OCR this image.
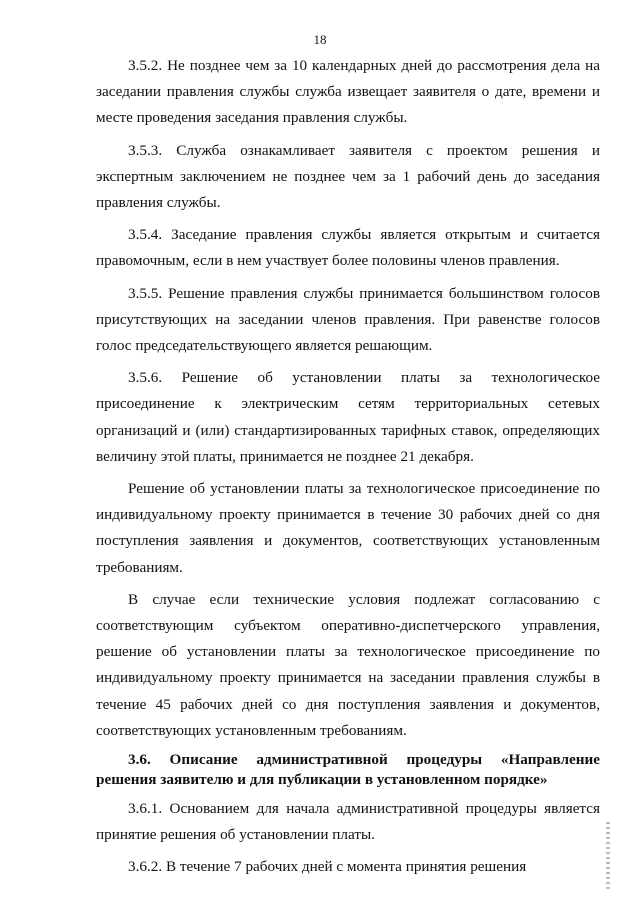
18

3.5.2. Не позднее чем за 10 календарных дней до рассмотрения дела на заседании правления службы служба извещает заявителя о дате, времени и месте проведения заседания правления службы.

3.5.3. Служба ознакамливает заявителя с проектом решения и экспертным заключением не позднее чем за 1 рабочий день до заседания правления службы.

3.5.4. Заседание правления службы является открытым и считается правомочным, если в нем участвует более половины членов правления.

3.5.5. Решение правления службы принимается большинством голосов присутствующих на заседании членов правления. При равенстве голосов голос председательствующего является решающим.

3.5.6. Решение об установлении платы за технологическое присоединение к электрическим сетям территориальных сетевых организаций и (или) стандартизированных тарифных ставок, определяющих величину этой платы, принимается не позднее 21 декабря.

Решение об установлении платы за технологическое присоединение по индивидуальному проекту принимается в течение 30 рабочих дней со дня поступления заявления и документов, соответствующих установленным требованиям.

В случае если технические условия подлежат согласованию с соответствующим субъектом оперативно-диспетчерского управления, решение об установлении платы за технологическое присоединение по индивидуальному проекту принимается на заседании правления службы в течение 45 рабочих дней со дня поступления заявления и документов, соответствующих установленным требованиям.

3.6. Описание административной процедуры «Направление решения заявителю и для публикации в установленном порядке»

3.6.1. Основанием для начала административной процедуры является принятие решения об установлении платы.

3.6.2. В течение 7 рабочих дней с момента принятия решения
